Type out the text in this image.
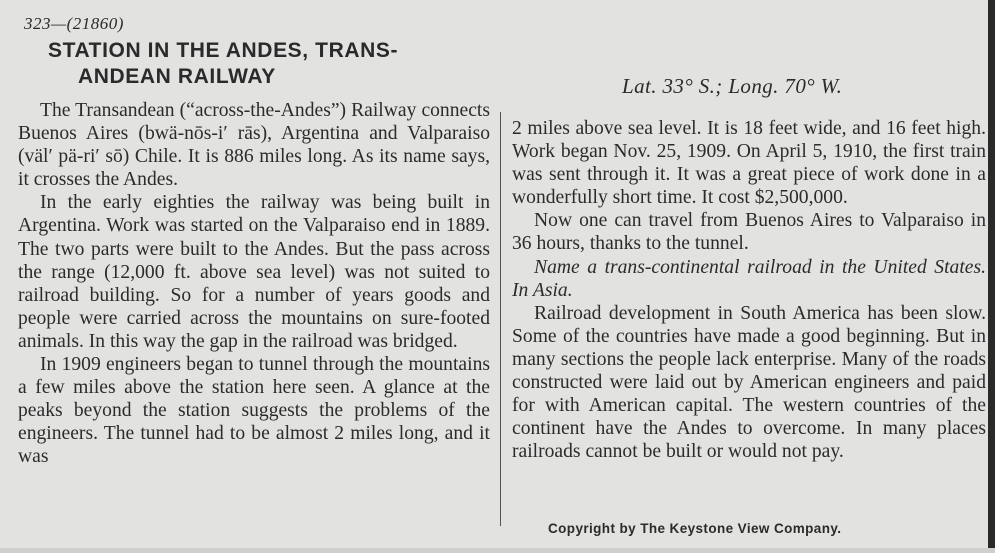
323—(21860)
STATION IN THE ANDES, TRANS-
ANDEAN RAILWAY	Lat. 33° S.; Long. 70° W.

The Transandean (“across-the-Andes”) Railway connects Buenos Aires (bwä-nōs-i′ rās), Argentina and Valparaiso (väl′ pä-ri′ sō) Chile. It is 886 miles long. As its name says, it crosses the Andes.

In the early eighties the railway was being built in Argentina. Work was started on the Valparaiso end in 1889. The two parts were built to the Andes. But the pass across the range (12,000 ft. above sea level) was not suited to railroad building. So for a number of years goods and people were carried across the mountains on sure-footed animals. In this way the gap in the railroad was bridged.

In 1909 engineers began to tunnel through the mountains a few miles above the station here seen. A glance at the peaks beyond the station suggests the problems of the engineers. The tunnel had to be almost 2 miles long, and it was

2 miles above sea level. It is 18 feet wide, and 16 feet high. Work began Nov. 25, 1909. On April 5, 1910, the first train was sent through it. It was a great piece of work done in a wonderfully short time. It cost $2,500,000.

Now one can travel from Buenos Aires to Valparaiso in 36 hours, thanks to the tunnel.

Name a trans-continental railroad in the United States. In Asia.

Railroad development in South America has been slow. Some of the countries have made a good beginning. But in many sections the people lack enterprise. Many of the roads constructed were laid out by American engineers and paid for with American capital. The western countries of the continent have the Andes to overcome. In many places railroads cannot be built or would not pay.

Copyright by The Keystone View Company.
